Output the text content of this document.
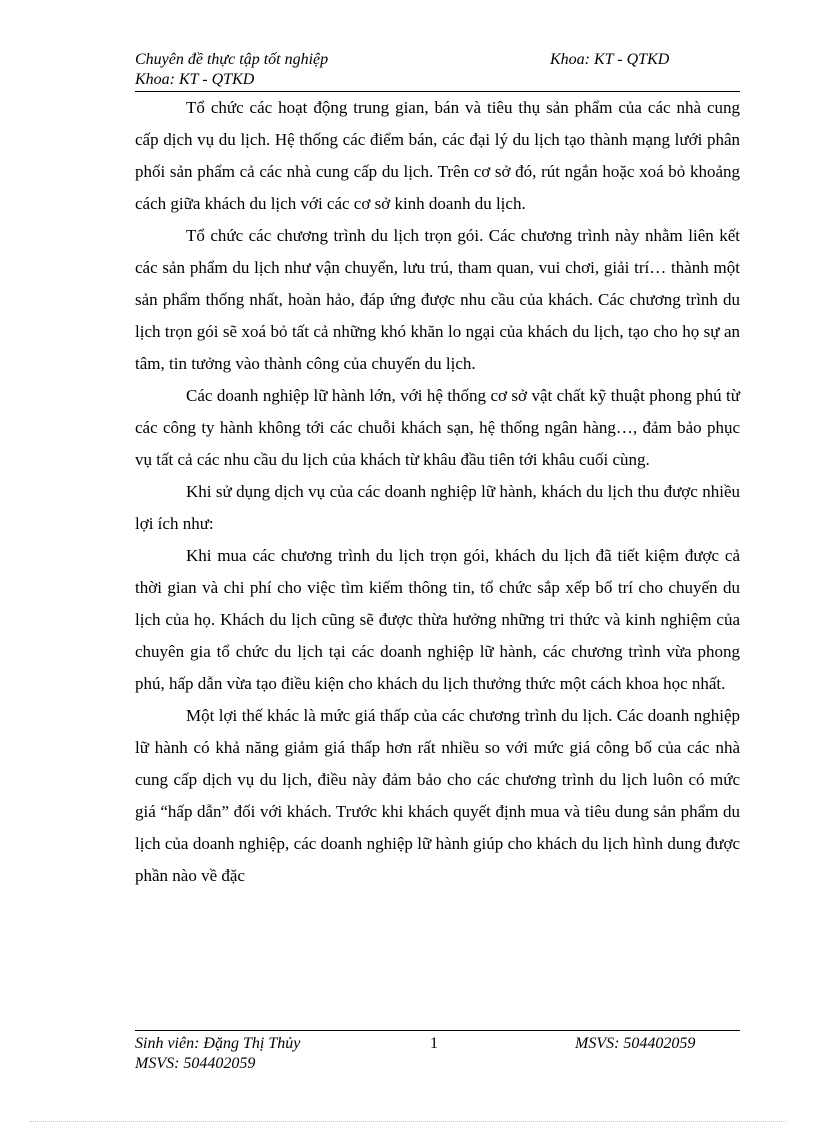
Chuyên đề thực tập tốt nghiệp	Khoa: KT - QTKD
Khoa: KT - QTKD

Tổ chức các hoạt động trung gian, bán và tiêu thụ sản phẩm của các nhà cung cấp dịch vụ du lịch. Hệ thống các điểm bán, các đại lý du lịch tạo thành mạng lưới phân phối sản phẩm cả các nhà cung cấp du lịch. Trên cơ sở đó, rút ngắn hoặc xoá bỏ khoảng cách giữa khách du lịch với các cơ sở kinh doanh du lịch.

Tổ chức các chương trình du lịch trọn gói. Các chương trình này nhằm liên kết các sản phẩm du lịch như vận chuyển, lưu trú, tham quan, vui chơi, giải trí… thành một sản phẩm thống nhất, hoàn hảo, đáp ứng được nhu cầu của khách. Các chương trình du lịch trọn gói sẽ xoá bỏ tất cả những khó khăn lo ngại của khách du lịch, tạo cho họ sự an tâm, tin tưởng vào thành công của chuyến du lịch.

Các doanh nghiệp lữ hành lớn, với hệ thống cơ sở vật chất kỹ thuật phong phú từ các công ty hành không tới các chuỗi khách sạn, hệ thống ngân hàng…, đảm bảo phục vụ tất cả các nhu cầu du lịch của khách từ khâu đầu tiên tới khâu cuối cùng.

Khi sử dụng dịch vụ của các doanh nghiệp lữ hành, khách du lịch thu được nhiều lợi ích như:

Khi mua các chương trình du lịch trọn gói, khách du lịch đã tiết kiệm được cả thời gian và chi phí cho việc tìm kiếm thông tin, tổ chức sắp xếp bố trí cho chuyến du lịch của họ. Khách du lịch cũng sẽ được thừa hưởng những tri thức và kinh nghiệm của chuyên gia tổ chức du lịch tại các doanh nghiệp lữ hành, các chương trình vừa phong phú, hấp dẫn vừa tạo điều kiện cho khách du lịch thưởng thức một cách khoa học nhất.

Một lợi thế khác là mức giá thấp của các chương trình du lịch. Các doanh nghiệp lữ hành có khả năng giảm giá thấp hơn rất nhiều so với mức giá công bố của các nhà cung cấp dịch vụ du lịch, điều này đảm bảo cho các chương trình du lịch luôn có mức giá “hấp dẫn” đối với khách. Trước khi khách quyết định mua và tiêu dung sản phẩm du lịch của doanh nghiệp, các doanh nghiệp lữ hành giúp cho khách du lịch hình dung được phần nào về đặc

Sinh viên: Đặng Thị Thủy	1	MSVS: 504402059
MSVS: 504402059
